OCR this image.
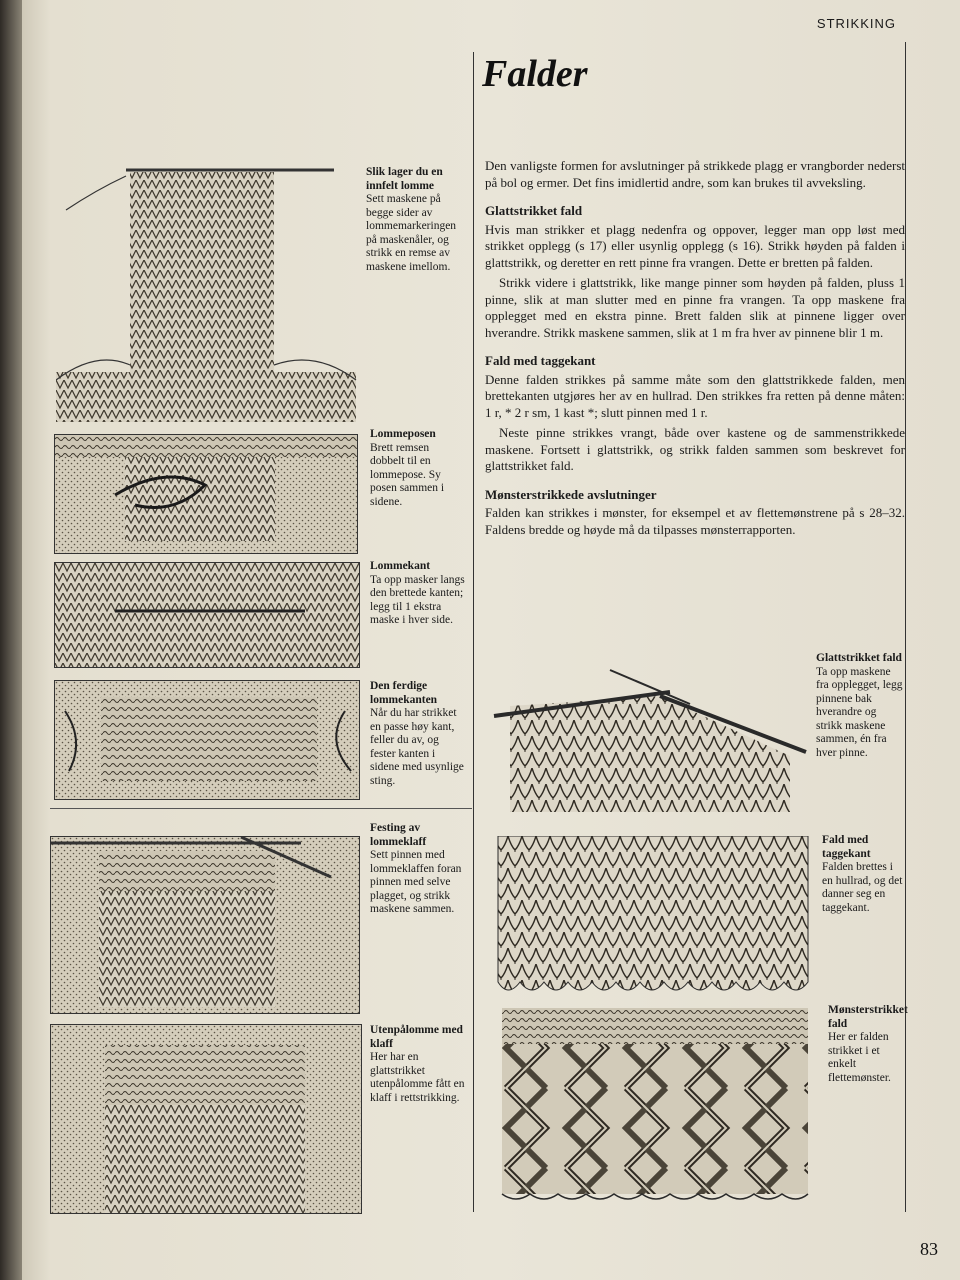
STRIKKING
Falder
Slik lager du en innfelt lomme
Sett maskene på begge sider av lommemarkeringen på maskenåler, og strikk en remse av maskene imellom.
Lommeposen
Brett remsen dobbelt til en lommepose. Sy posen sammen i sidene.
Lommekant
Ta opp masker langs den brettede kanten; legg til 1 ekstra maske i hver side.
Den ferdige lommekanten
Når du har strikket en passe høy kant, feller du av, og fester kanten i sidene med usynlige sting.
Festing av lommeklaff
Sett pinnen med lommeklaffen foran pinnen med selve plagget, og strikk maskene sammen.
Utenpålomme med klaff
Her har en glattstrikket utenpålomme fått en klaff i rettstrikking.

Den vanligste formen for avslutninger på strikkede plagg er vrangborder nederst på bol og ermer. Det fins imidlertid andre, som kan brukes til avveksling.

Glattstrikket fald

Hvis man strikker et plagg nedenfra og oppover, legger man opp løst med strikket opplegg (s 17) eller usynlig opplegg (s 16). Strikk høyden på falden i glattstrikk, og deretter en rett pinne fra vrangen. Dette er bretten på falden.

Strikk videre i glattstrikk, like mange pinner som høyden på falden, pluss 1 pinne, slik at man slutter med en pinne fra vrangen. Ta opp maskene fra opplegget med en ekstra pinne. Brett falden slik at pinnene ligger over hverandre. Strikk maskene sammen, slik at 1 m fra hver av pinnene blir 1 m.

Fald med taggekant

Denne falden strikkes på samme måte som den glattstrikkede falden, men brettekanten utgjøres her av en hullrad. Den strikkes fra retten på denne måten: 1 r, * 2 r sm, 1 kast *; slutt pinnen med 1 r.

Neste pinne strikkes vrangt, både over kastene og de sammenstrikkede maskene. Fortsett i glattstrikk, og strikk falden sammen som beskrevet for glattstrikket fald.

Mønsterstrikkede avslutninger

Falden kan strikkes i mønster, for eksempel et av flettemønstrene på s 28–32. Faldens bredde og høyde må da tilpasses mønsterrapporten.

Glattstrikket fald
Ta opp maskene fra opplegget, legg pinnene bak hverandre og strikk maskene sammen, én fra hver pinne.
Fald med taggekant
Falden brettes i en hullrad, og det danner seg en taggekant.
Mønsterstrikket fald
Her er falden strikket i et enkelt flettemønster.
83
